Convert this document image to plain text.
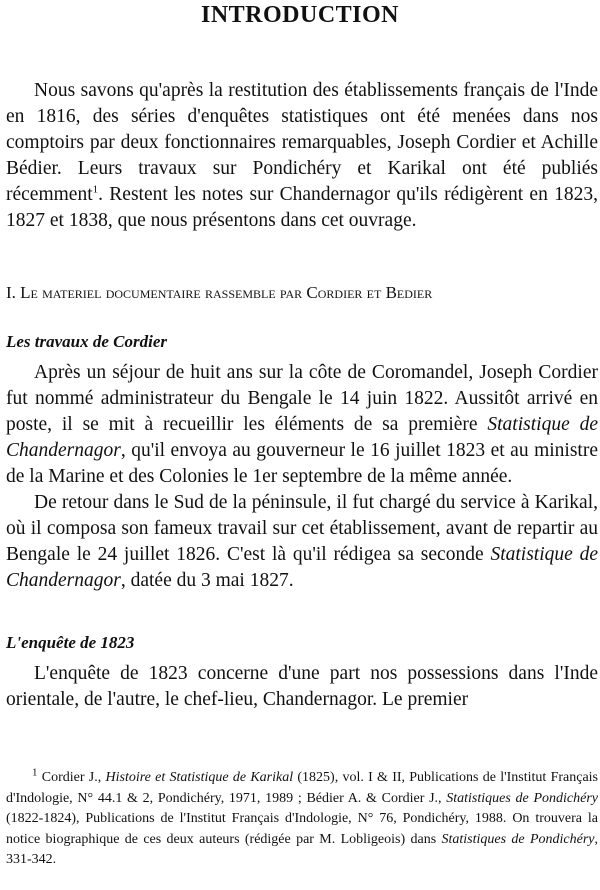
INTRODUCTION

Nous savons qu'après la restitution des établissements français de l'Inde en 1816, des séries d'enquêtes statistiques ont été menées dans nos comptoirs par deux fonctionnaires remarquables, Joseph Cordier et Achille Bédier. Leurs travaux sur Pondichéry et Karikal ont été publiés récemment$^1$. Restent les notes sur Chandernagor qu'ils rédigèrent en 1823, 1827 et 1838, que nous présentons dans cet ouvrage.

I. Le materiel documentaire rassemble par Cordier et Bedier

Les travaux de Cordier

Après un séjour de huit ans sur la côte de Coromandel, Joseph Cordier fut nommé administrateur du Bengale le 14 juin 1822. Aussitôt arrivé en poste, il se mit à recueillir les éléments de sa première Statistique de Chandernagor, qu'il envoya au gouverneur le 16 juillet 1823 et au ministre de la Marine et des Colonies le 1er septembre de la même année.

De retour dans le Sud de la péninsule, il fut chargé du service à Karikal, où il composa son fameux travail sur cet établissement, avant de repartir au Bengale le 24 juillet 1826. C'est là qu'il rédigea sa seconde Statistique de Chandernagor, datée du 3 mai 1827.

L'enquête de 1823

L'enquête de 1823 concerne d'une part nos possessions dans l'Inde orientale, de l'autre, le chef-lieu, Chandernagor. Le premier

$^1$ Cordier J., Histoire et Statistique de Karikal (1825), vol. I & II, Publications de l'Institut Français d'Indologie, N° 44.1 & 2, Pondichéry, 1971, 1989 ; Bédier A. & Cordier J., Statistiques de Pondichéry (1822-1824), Publications de l'Institut Français d'Indologie, N° 76, Pondichéry, 1988. On trouvera la notice biographique de ces deux auteurs (rédigée par M. Lobligeois) dans Statistiques de Pondichéry, 331-342.
